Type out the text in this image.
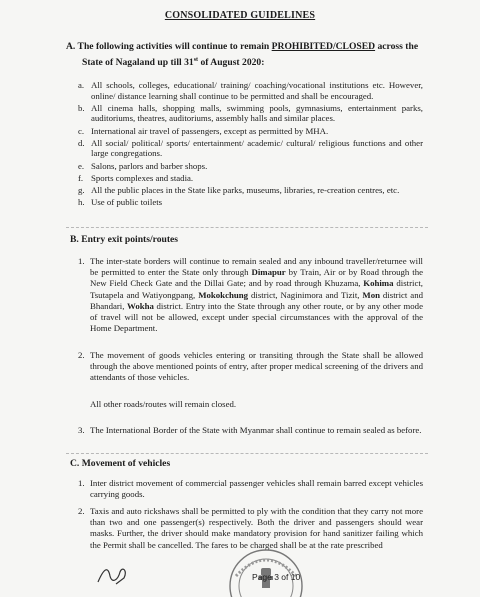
CONSOLIDATED GUIDELINES
A. The following activities will continue to remain PROHIBITED/CLOSED across the
State of Nagaland up till 31st of August 2020:
a. All schools, colleges, educational/ training/ coaching/vocational institutions etc. However, online/ distance learning shall continue to be permitted and shall be encouraged.
b. All cinema halls, shopping malls, swimming pools, gymnasiums, entertainment parks, auditoriums, theatres, auditoriums, assembly halls and similar places.
c. International air travel of passengers, except as permitted by MHA.
d. All social/ political/ sports/ entertainment/ academic/ cultural/ religious functions and other large congregations.
e. Salons, parlors and barber shops.
f. Sports complexes and stadia.
g. All the public places in the State like parks, museums, libraries, re-creation centres, etc.
h. Use of public toilets
B. Entry exit points/routes
1. The inter-state borders will continue to remain sealed and any inbound traveller/returnee will be permitted to enter the State only through Dimapur by Train, Air or by Road through the New Field Check Gate and the Dillai Gate; and by road through Khuzama, Kohima district, Tsutapela and Watiyongpang, Mokokchung district, Naginimora and Tizit, Mon district and Bhandari, Wokha district. Entry into the State through any other route, or by any other mode of travel will not be allowed, except under special circumstances with the approval of the Home Department.
2. The movement of goods vehicles entering or transiting through the State shall be allowed through the above mentioned points of entry, after proper medical screening of the drivers and attendants of those vehicles.
All other roads/routes will remain closed.
3. The International Border of the State with Myanmar shall continue to remain sealed as before.
C. Movement of vehicles
1. Inter district movement of commercial passenger vehicles shall remain barred except vehicles carrying goods.
2. Taxis and auto rickshaws shall be permitted to ply with the condition that they carry not more than two and one passenger(s) respectively. Both the driver and passengers should wear masks. Further, the driver should make mandatory provision for hand sanitizer failing which the Permit shall be cancelled. The fares to be charged shall be at the rate prescribed
Page 3 of 10
